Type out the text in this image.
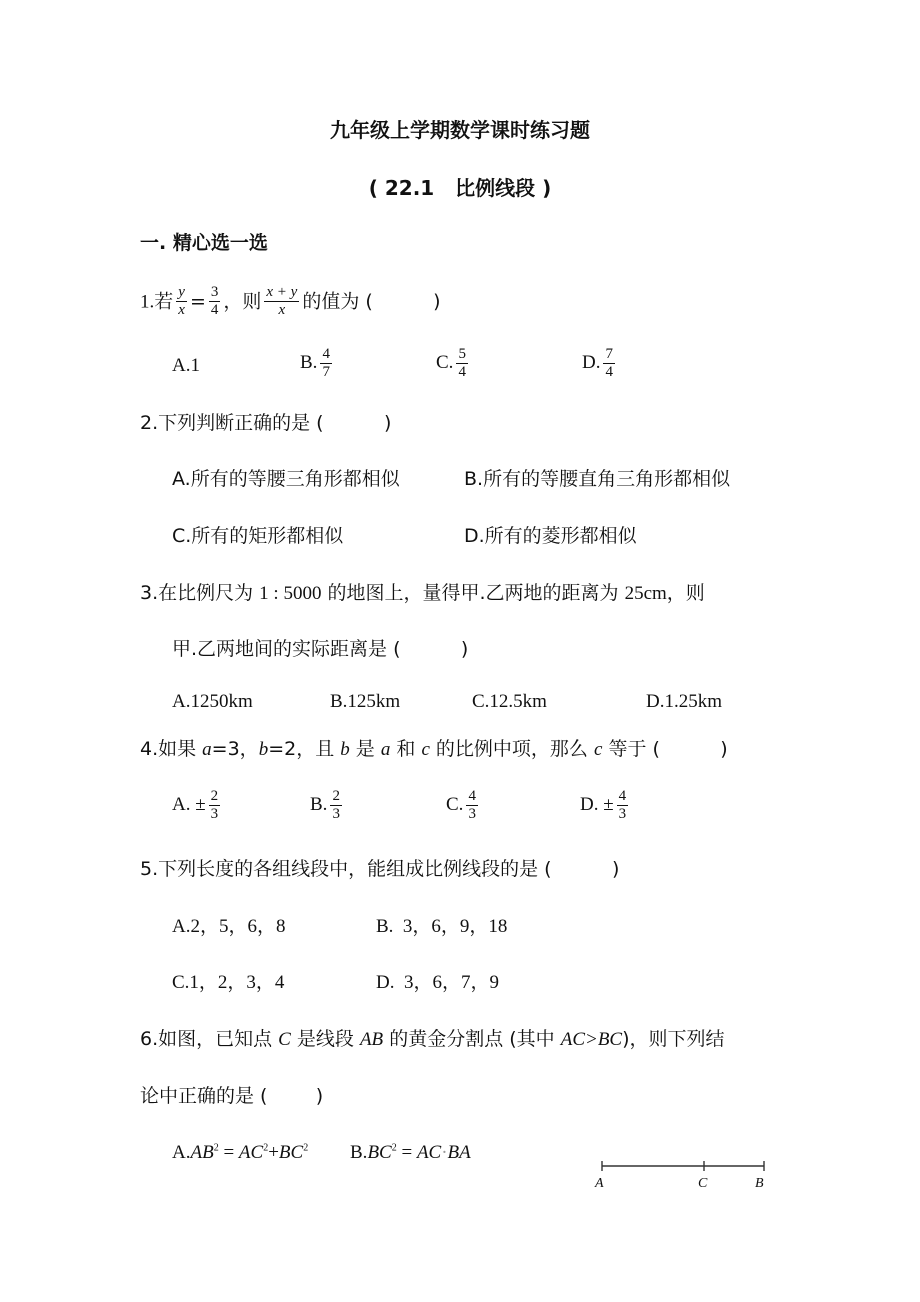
九年级上学期数学课时练习题
( 22.1   比例线段 )
一. 精心选一选
1.若 $\frac{y}{x} = \frac{3}{4}$ ，则 $\frac{x + y}{x}$ 的值为 (          )
A.1	B. $\frac{4}{7}$	C. $\frac{5}{4}$	D. $\frac{7}{4}$
2.下列判断正确的是 (          )
A.所有的等腰三角形都相似	B.所有的等腰直角三角形都相似
C.所有的矩形都相似	D.所有的菱形都相似
3.在比例尺为 1 : 5000 的地图上，量得甲.乙两地的距离为 25cm，则
甲.乙两地间的实际距离是 (          )
A.1250km	B.125km	C.12.5km	D.1.25km
4.如果 a=3，b=2，且 b 是 a 和 c 的比例中项，那么 c 等于 (          )
A. ± $\frac{2}{3}$	B. $\frac{2}{3}$	C. $\frac{4}{3}$	D. ± $\frac{4}{3}$
5.下列长度的各组线段中，能组成比例线段的是 (          )
A.2，5，6，8	B.  3，6，9，18
C.1，2，3，4	D.  3，6，7，9
6.如图，已知点 C 是线段 AB 的黄金分割点 (其中 AC>BC)，则下列结
论中正确的是 (        )
$A.AB^2 = AC^2+BC^2$ $B.BC^2 = AC\cdot BA$
A	C	B
